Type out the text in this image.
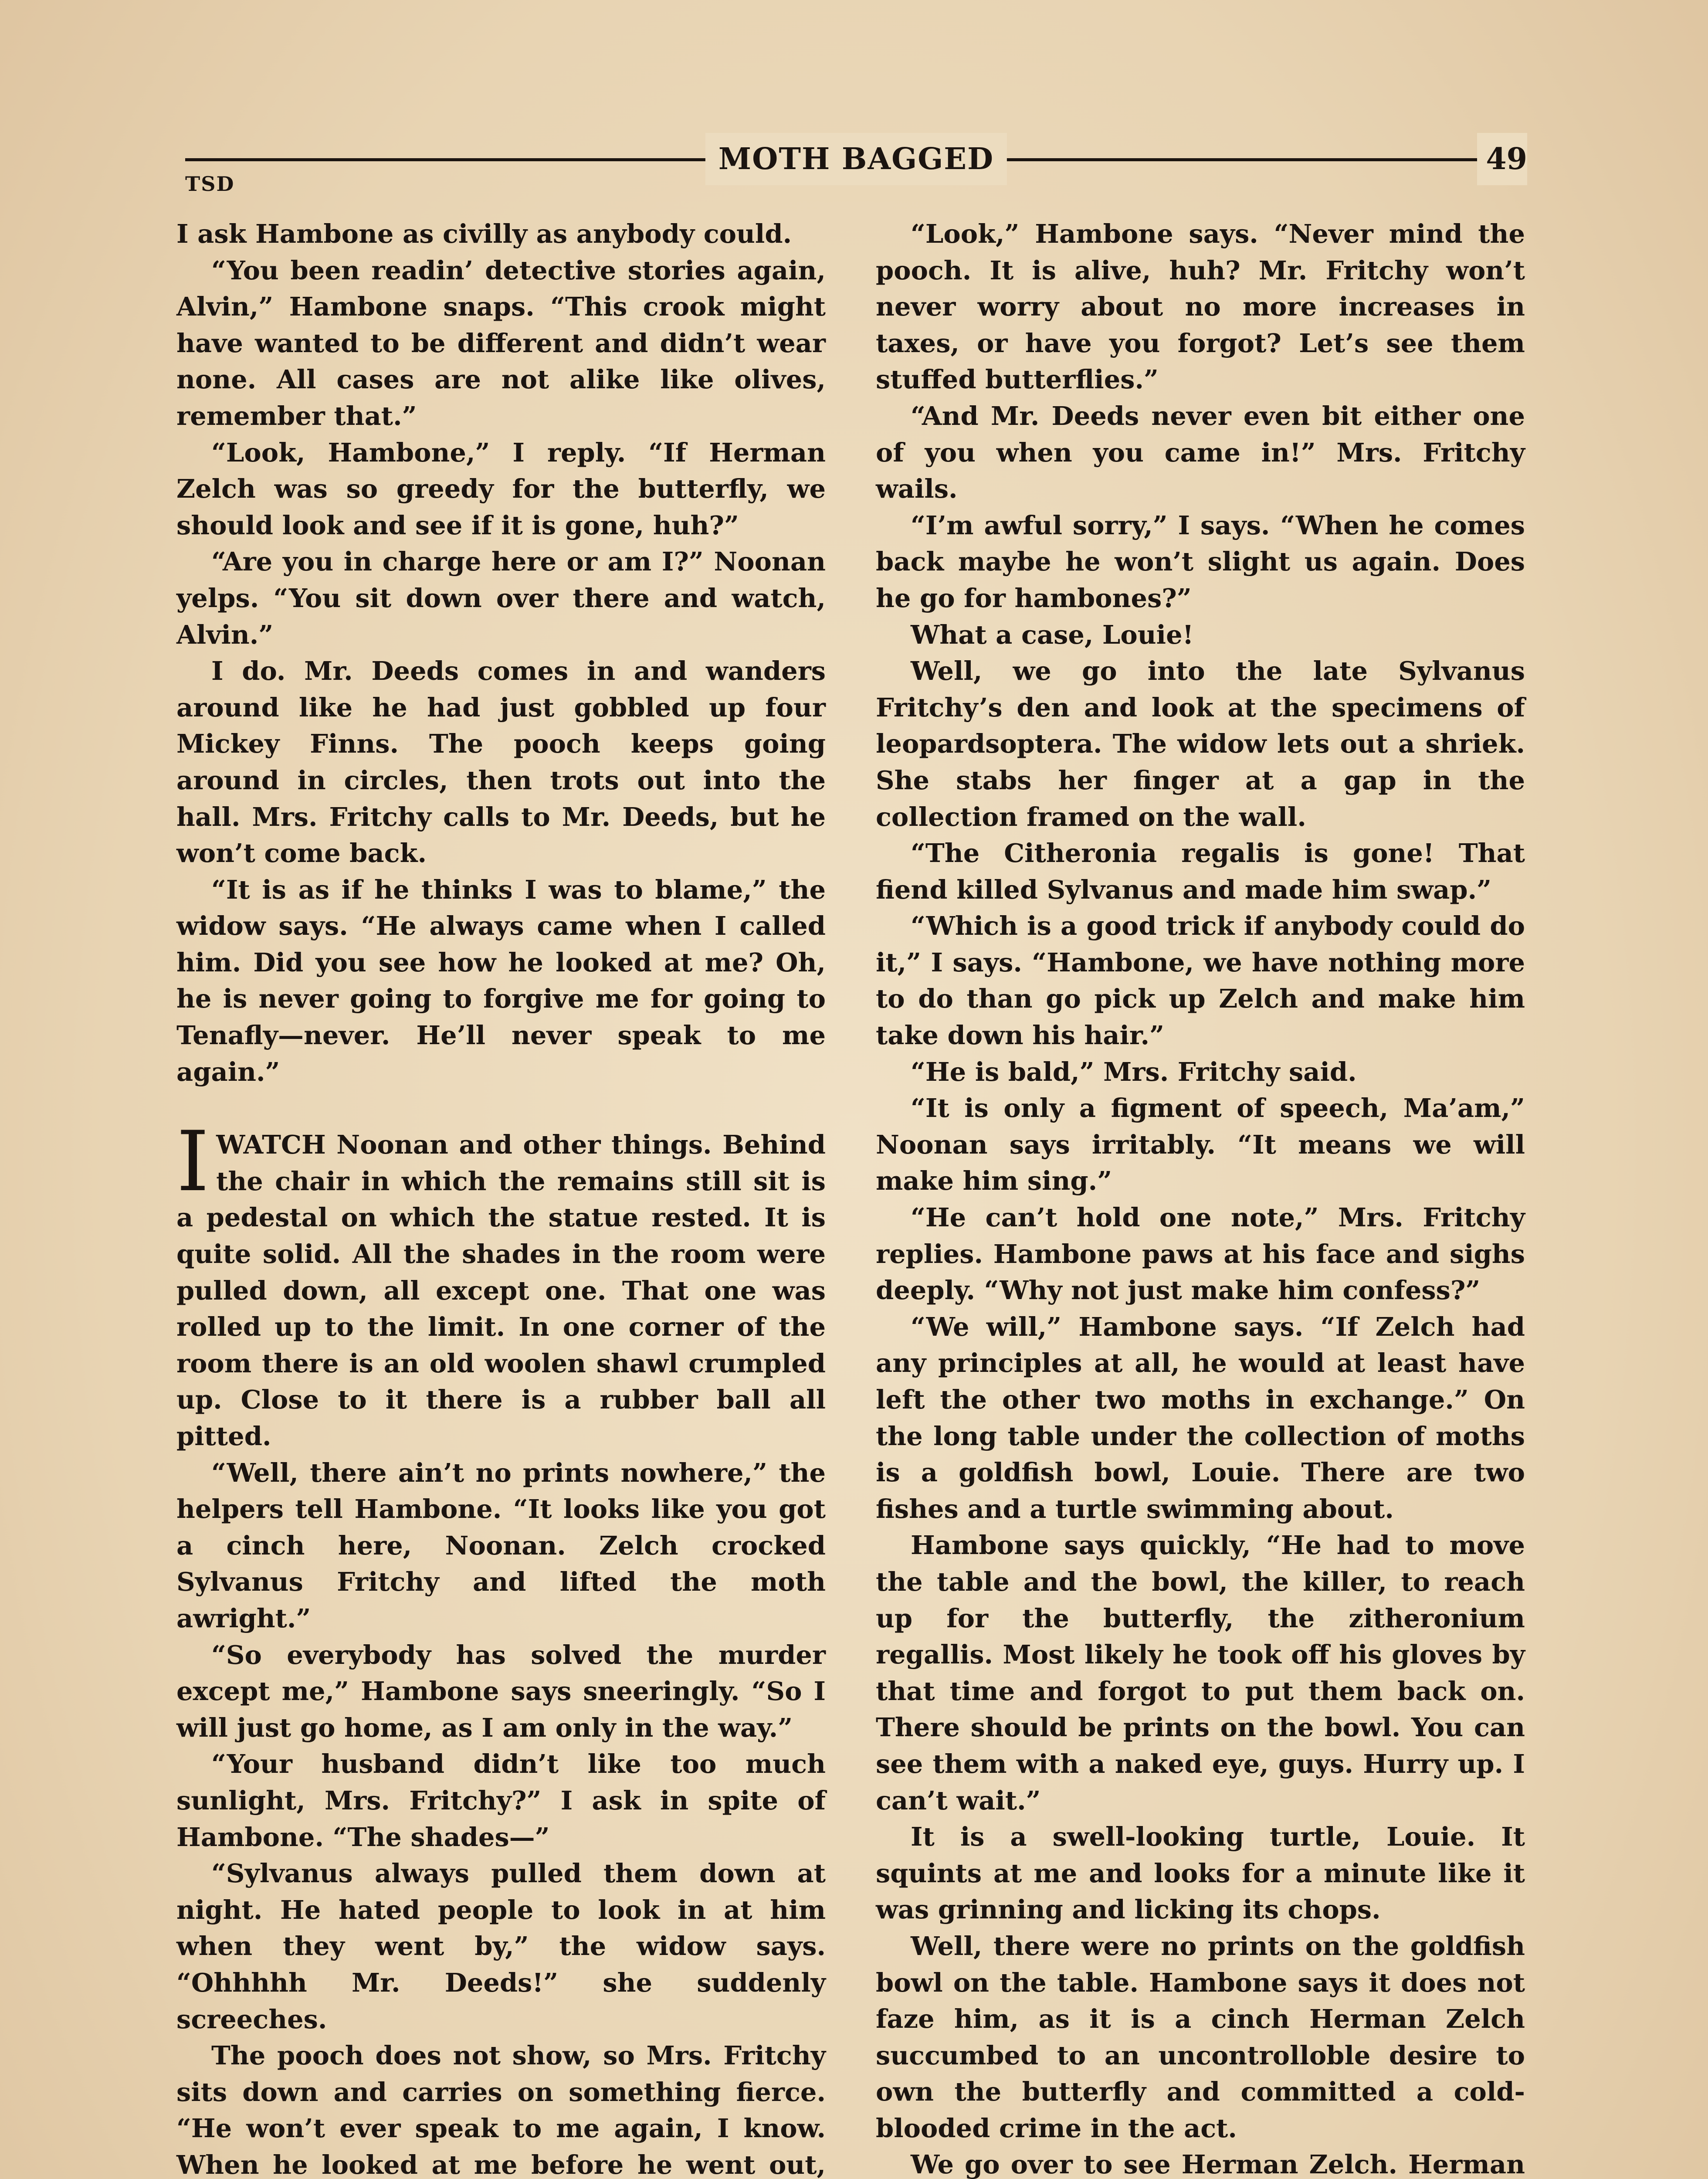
MOTH BAGGED	49
TSD

I ask Hambone as civilly as anybody could.

“You been readin’ detective stories again, Alvin,” Hambone snaps. “This crook might have wanted to be different and didn’t wear none. All cases are not alike like olives, remember that.”

“Look, Hambone,” I reply. “If Herman Zelch was so greedy for the butterfly, we should look and see if it is gone, huh?”

“Are you in charge here or am I?” Noonan yelps. “You sit down over there and watch, Alvin.”

I do. Mr. Deeds comes in and wanders around like he had just gobbled up four Mickey Finns. The pooch keeps going around in circles, then trots out into the hall. Mrs. Fritchy calls to Mr. Deeds, but he won’t come back.

“It is as if he thinks I was to blame,” the widow says. “He always came when I called him. Did you see how he looked at me? Oh, he is never going to forgive me for going to Tenafly—never. He’ll never speak to me again.”

I WATCH Noonan and other things. Behind the chair in which the remains still sit is a pedestal on which the statue rested. It is quite solid. All the shades in the room were pulled down, all except one. That one was rolled up to the limit. In one corner of the room there is an old woolen shawl crumpled up. Close to it there is a rubber ball all pitted.

“Well, there ain’t no prints nowhere,” the helpers tell Hambone. “It looks like you got a cinch here, Noonan. Zelch crocked Sylvanus Fritchy and lifted the moth awright.”

“So everybody has solved the murder except me,” Hambone says sneeringly. “So I will just go home, as I am only in the way.”

“Your husband didn’t like too much sunlight, Mrs. Fritchy?” I ask in spite of Hambone. “The shades—”

“Sylvanus always pulled them down at night. He hated people to look in at him when they went by,” the widow says. “Ohhhhh Mr. Deeds!” she suddenly screeches.

The pooch does not show, so Mrs. Fritchy sits down and carries on something fierce. “He won’t ever speak to me again, I know. When he looked at me before he went out,

“Look,” Hambone says. “Never mind the pooch. It is alive, huh? Mr. Fritchy won’t never worry about no more increases in taxes, or have you forgot? Let’s see them stuffed butterflies.”

“And Mr. Deeds never even bit either one of you when you came in!” Mrs. Fritchy wails.

“I’m awful sorry,” I says. “When he comes back maybe he won’t slight us again. Does he go for hambones?”

What a case, Louie!

Well, we go into the late Sylvanus Fritchy’s den and look at the specimens of leopardsoptera. The widow lets out a shriek. She stabs her finger at a gap in the collection framed on the wall.

“The Citheronia regalis is gone! That fiend killed Sylvanus and made him swap.”

“Which is a good trick if anybody could do it,” I says. “Hambone, we have nothing more to do than go pick up Zelch and make him take down his hair.”

“He is bald,” Mrs. Fritchy said.

“It is only a figment of speech, Ma’am,” Noonan says irritably. “It means we will make him sing.”

“He can’t hold one note,” Mrs. Fritchy replies. Hambone paws at his face and sighs deeply. “Why not just make him confess?”

“We will,” Hambone says. “If Zelch had any principles at all, he would at least have left the other two moths in exchange.” On the long table under the collection of moths is a goldfish bowl, Louie. There are two fishes and a turtle swimming about.

Hambone says quickly, “He had to move the table and the bowl, the killer, to reach up for the butterfly, the zitheronium regallis. Most likely he took off his gloves by that time and forgot to put them back on. There should be prints on the bowl. You can see them with a naked eye, guys. Hurry up. I can’t wait.”

It is a swell-looking turtle, Louie. It squints at me and looks for a minute like it was grinning and licking its chops.

Well, there were no prints on the goldfish bowl on the table. Hambone says it does not faze him, as it is a cinch Herman Zelch succumbed to an uncontrolloble desire to own the butterfly and committed a cold-blooded crime in the act.

We go over to see Herman Zelch. Herman
